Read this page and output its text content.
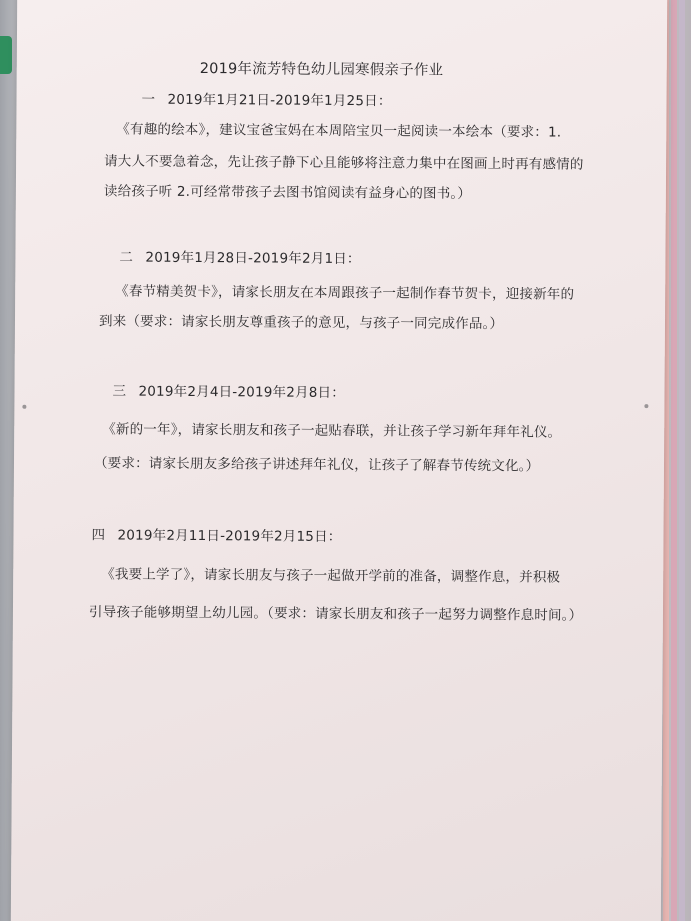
2019年流芳特色幼儿园寒假亲子作业
一 2019年1月21日-2019年1月25日：
《有趣的绘本》，建议宝爸宝妈在本周陪宝贝一起阅读一本绘本（要求：1.
请大人不要急着念，先让孩子静下心且能够将注意力集中在图画上时再有感情的
读给孩子听 2.可经常带孩子去图书馆阅读有益身心的图书。）
二 2019年1月28日-2019年2月1日：
《春节精美贺卡》，请家长朋友在本周跟孩子一起制作春节贺卡，迎接新年的
到来（要求：请家长朋友尊重孩子的意见，与孩子一同完成作品。）
三 2019年2月4日-2019年2月8日：
《新的一年》，请家长朋友和孩子一起贴春联，并让孩子学习新年拜年礼仪。
（要求：请家长朋友多给孩子讲述拜年礼仪，让孩子了解春节传统文化。）
四 2019年2月11日-2019年2月15日：
《我要上学了》，请家长朋友与孩子一起做开学前的准备，调整作息，并积极
引导孩子能够期望上幼儿园。（要求：请家长朋友和孩子一起努力调整作息时间。）
